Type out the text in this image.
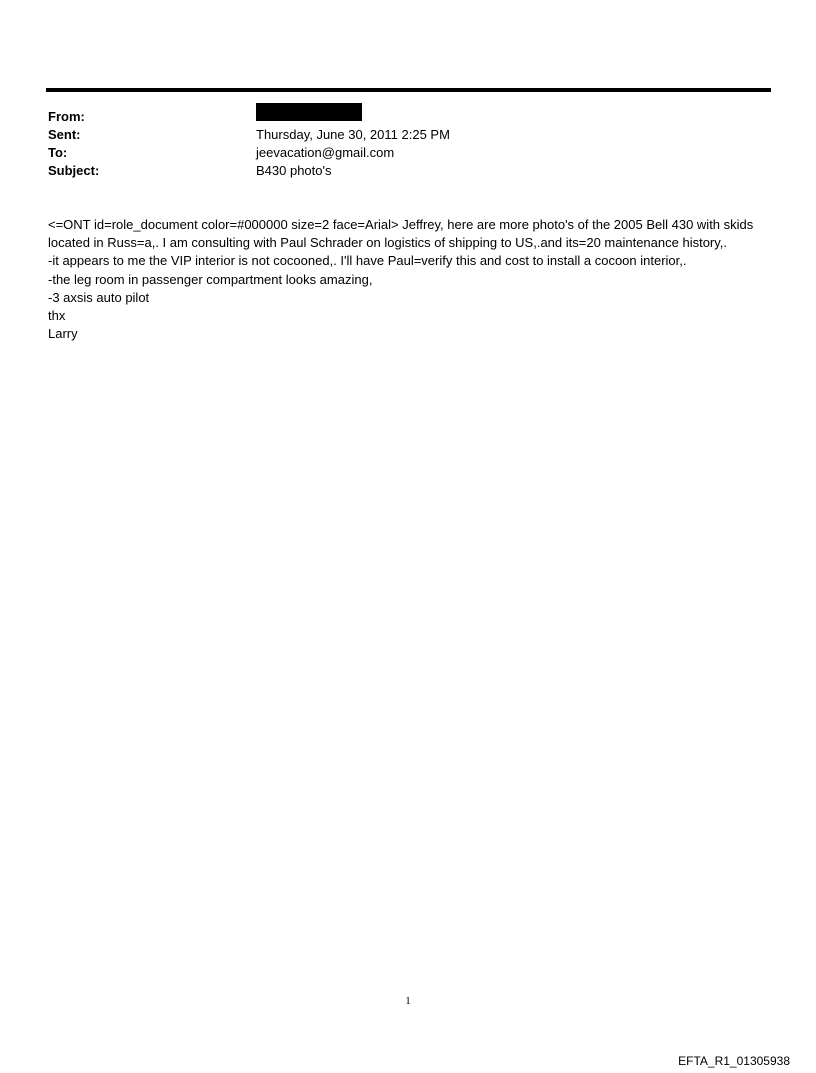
From:
Sent:	Thursday, June 30, 2011 2:25 PM
To:	jeevacation@gmail.com
Subject:	B430 photo's

<=ONT id=role_document color=#000000 size=2 face=Arial> Jeffrey, here are more photo's of the 2005 Bell 430 with skids located in Russ=a,. I am consulting with Paul Schrader on logistics of shipping to US,.and its=20 maintenance history,.

-it appears to me the VIP interior is not cocooned,. I'll have Paul=verify this and cost to install a cocoon interior,.

-the leg room in passenger compartment looks amazing,

-3 axsis auto pilot

thx

Larry

1
EFTA_R1_01305938
